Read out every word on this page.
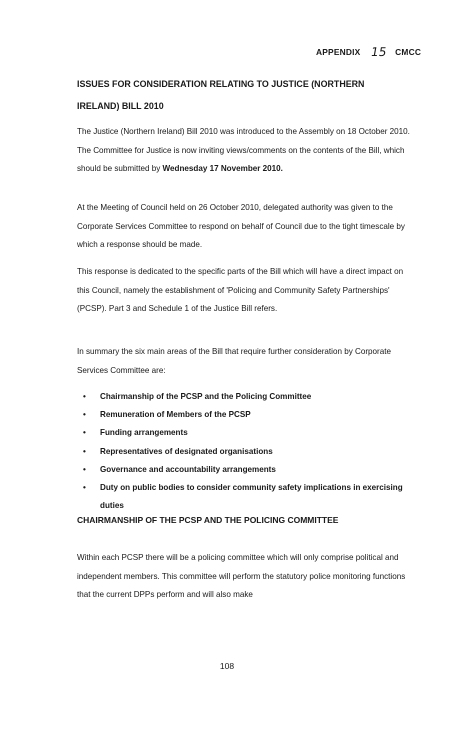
APPENDIX 15 CMCC
ISSUES FOR CONSIDERATION RELATING TO JUSTICE (NORTHERN IRELAND) BILL 2010
The Justice (Northern Ireland) Bill 2010 was introduced to the Assembly on 18 October 2010. The Committee for Justice is now inviting views/comments on the contents of the Bill, which should be submitted by Wednesday 17 November 2010.
At the Meeting of Council held on 26 October 2010, delegated authority was given to the Corporate Services Committee to respond on behalf of Council due to the tight timescale by which a response should be made.
This response is dedicated to the specific parts of the Bill which will have a direct impact on this Council, namely the establishment of 'Policing and Community Safety Partnerships' (PCSP). Part 3 and Schedule 1 of the Justice Bill refers.
In summary the six main areas of the Bill that require further consideration by Corporate Services Committee are:
• Chairmanship of the PCSP and the Policing Committee
• Remuneration of Members of the PCSP
• Funding arrangements
• Representatives of designated organisations
• Governance and accountability arrangements
• Duty on public bodies to consider community safety implications in exercising duties
CHAIRMANSHIP OF THE PCSP AND THE POLICING COMMITTEE
Within each PCSP there will be a policing committee which will only comprise political and independent members. This committee will perform the statutory police monitoring functions that the current DPPs perform and will also make
108
